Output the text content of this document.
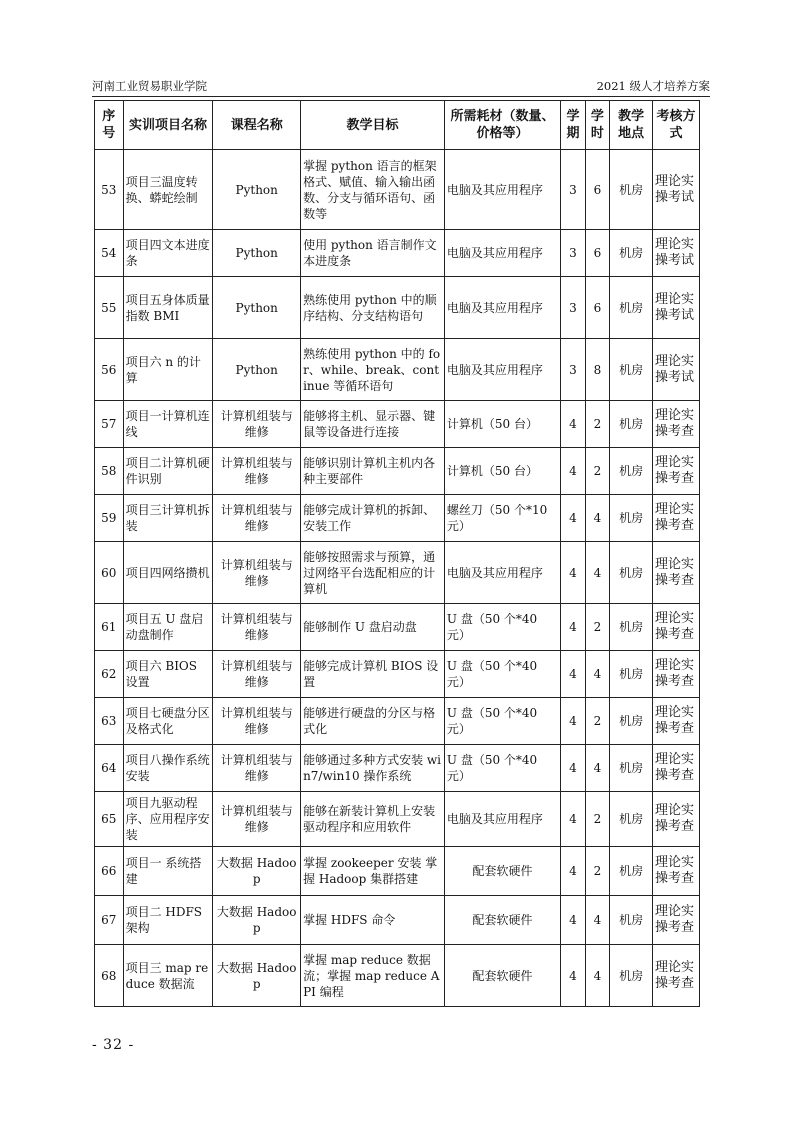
河南工业贸易职业学院	2021 级人才培养方案
序号	实训项目名称	课程名称	教学目标	所需耗材（数量、价格等）	学期	学时	教学地点	考核方式
53	项目三温度转换、蟒蛇绘制	Python	掌握 python 语言的框架格式、赋值、输入输出函数、分支与循环语句、函数等	电脑及其应用程序	3	6	机房	理论实操考试
54	项目四文本进度条	Python	使用 python 语言制作文本进度条	电脑及其应用程序	3	6	机房	理论实操考试
55	项目五身体质量指数 BMI	Python	熟练使用 python 中的顺序结构、分支结构语句	电脑及其应用程序	3	6	机房	理论实操考试
56	项目六 n 的计算	Python	熟练使用 python 中的 for、while、break、continue 等循环语句	电脑及其应用程序	3	8	机房	理论实操考试
57	项目一计算机连线	计算机组装与维修	能够将主机、显示器、键鼠等设备进行连接	计算机（50 台）	4	2	机房	理论实操考查
58	项目二计算机硬件识别	计算机组装与维修	能够识别计算机主机内各种主要部件	计算机（50 台）	4	2	机房	理论实操考查
59	项目三计算机拆装	计算机组装与维修	能够完成计算机的拆卸、安装工作	螺丝刀（50 个*10 元）	4	4	机房	理论实操考查
60	项目四网络攒机	计算机组装与维修	能够按照需求与预算，通过网络平台选配相应的计算机	电脑及其应用程序	4	4	机房	理论实操考查
61	项目五 U 盘启动盘制作	计算机组装与维修	能够制作 U 盘启动盘	U 盘（50 个*40 元）	4	2	机房	理论实操考查
62	项目六 BIOS 设置	计算机组装与维修	能够完成计算机 BIOS 设置	U 盘（50 个*40 元）	4	4	机房	理论实操考查
63	项目七硬盘分区及格式化	计算机组装与维修	能够进行硬盘的分区与格式化	U 盘（50 个*40 元）	4	2	机房	理论实操考查
64	项目八操作系统安装	计算机组装与维修	能够通过多种方式安装 win7/win10 操作系统	U 盘（50 个*40 元）	4	4	机房	理论实操考查
65	项目九驱动程序、应用程序安装	计算机组装与维修	能够在新装计算机上安装驱动程序和应用软件	电脑及其应用程序	4	2	机房	理论实操考查
66	项目一 系统搭建	大数据 Hadoop	掌握 zookeeper 安装 掌握 Hadoop 集群搭建	配套软硬件	4	2	机房	理论实操考查
67	项目二 HDFS 架构	大数据 Hadoop	掌握 HDFS 命令	配套软硬件	4	4	机房	理论实操考查
68	项目三 map reduce 数据流	大数据 Hadoop	掌握 map reduce 数据流；掌握 map reduce API 编程	配套软硬件	4	4	机房	理论实操考查
- 32 -
